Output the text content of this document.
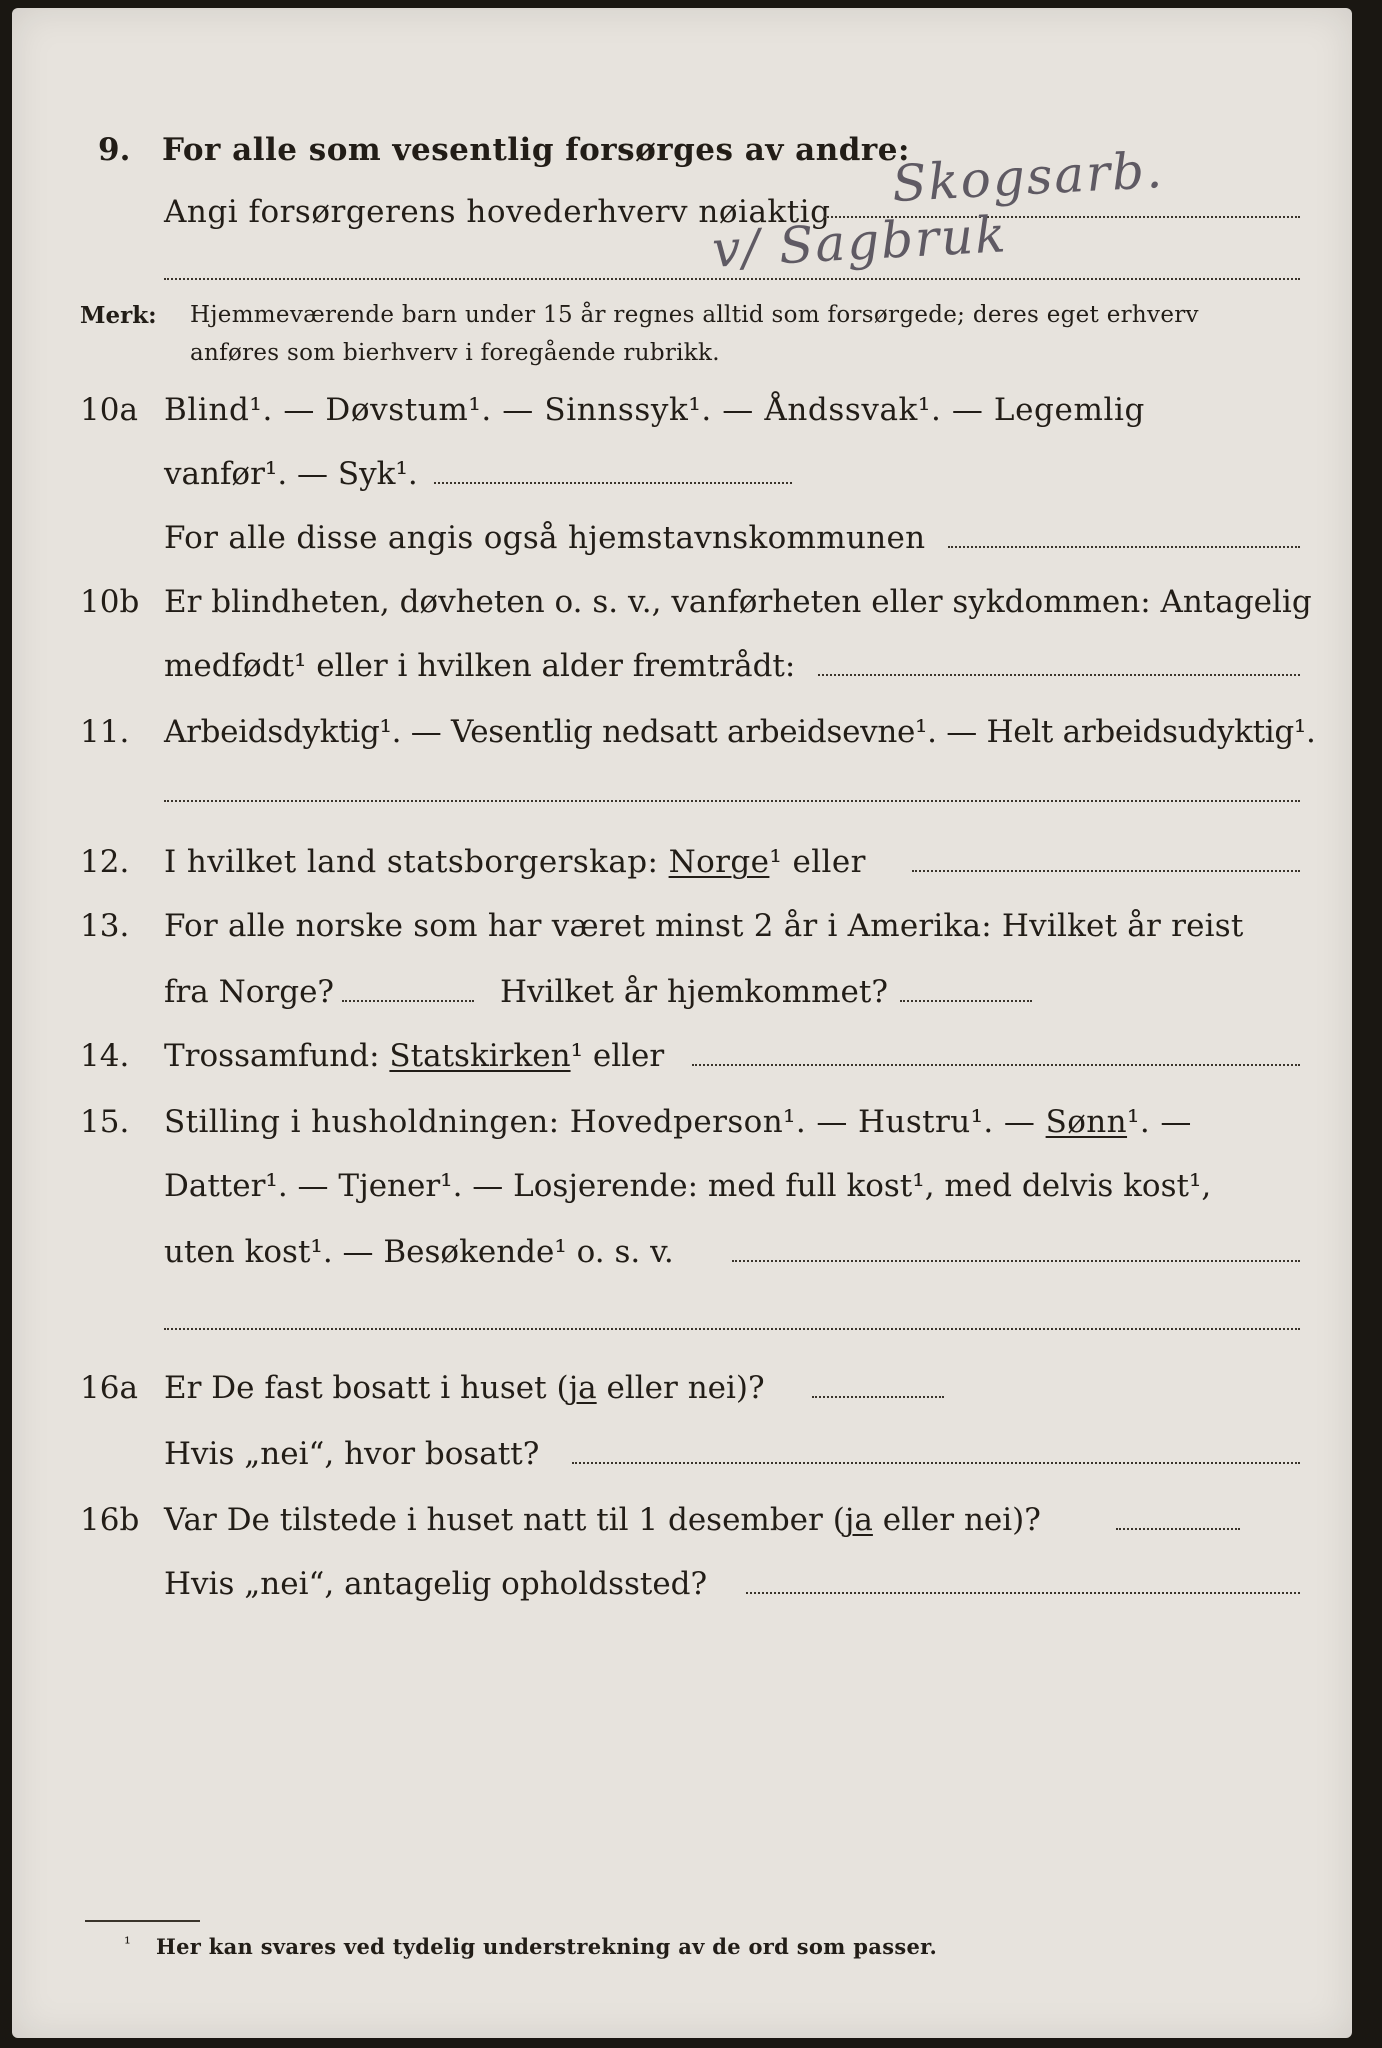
9. For alle som vesentlig forsørges av andre:
Angi forsørgerens hovederhverv nøiaktig Skogsarb.
v/ Sagbruk
Merk: Hjemmeværende barn under 15 år regnes alltid som forsørgede; deres eget erhverv
anføres som bierhverv i foregående rubrikk.
10a Blind¹. — Døvstum¹. — Sinnssyk¹. — Åndssvak¹. — Legemlig
vanfør¹. — Syk¹.
For alle disse angis også hjemstavnskommunen
10b Er blindheten, døvheten o. s. v., vanførheten eller sykdommen: Antagelig
medfødt¹ eller i hvilken alder fremtrådt:
11. Arbeidsdyktig¹. — Vesentlig nedsatt arbeidsevne¹. — Helt arbeidsudyktig¹.
12. I hvilket land statsborgerskap: Norge¹ eller
13. For alle norske som har været minst 2 år i Amerika: Hvilket år reist
fra Norge?	Hvilket år hjemkommet?
14. Trossamfund: Statskirken¹ eller
15. Stilling i husholdningen: Hovedperson¹. — Hustru¹. — Sønn¹. —
Datter¹. — Tjener¹. — Losjerende: med full kost¹, med delvis kost¹,
uten kost¹. — Besøkende¹ o. s. v.
16a Er De fast bosatt i huset (ja eller nei)?
Hvis „nei“, hvor bosatt?
16b Var De tilstede i huset natt til 1 desember (ja eller nei)?
Hvis „nei“, antagelig opholdssted?
¹ Her kan svares ved tydelig understrekning av de ord som passer.
